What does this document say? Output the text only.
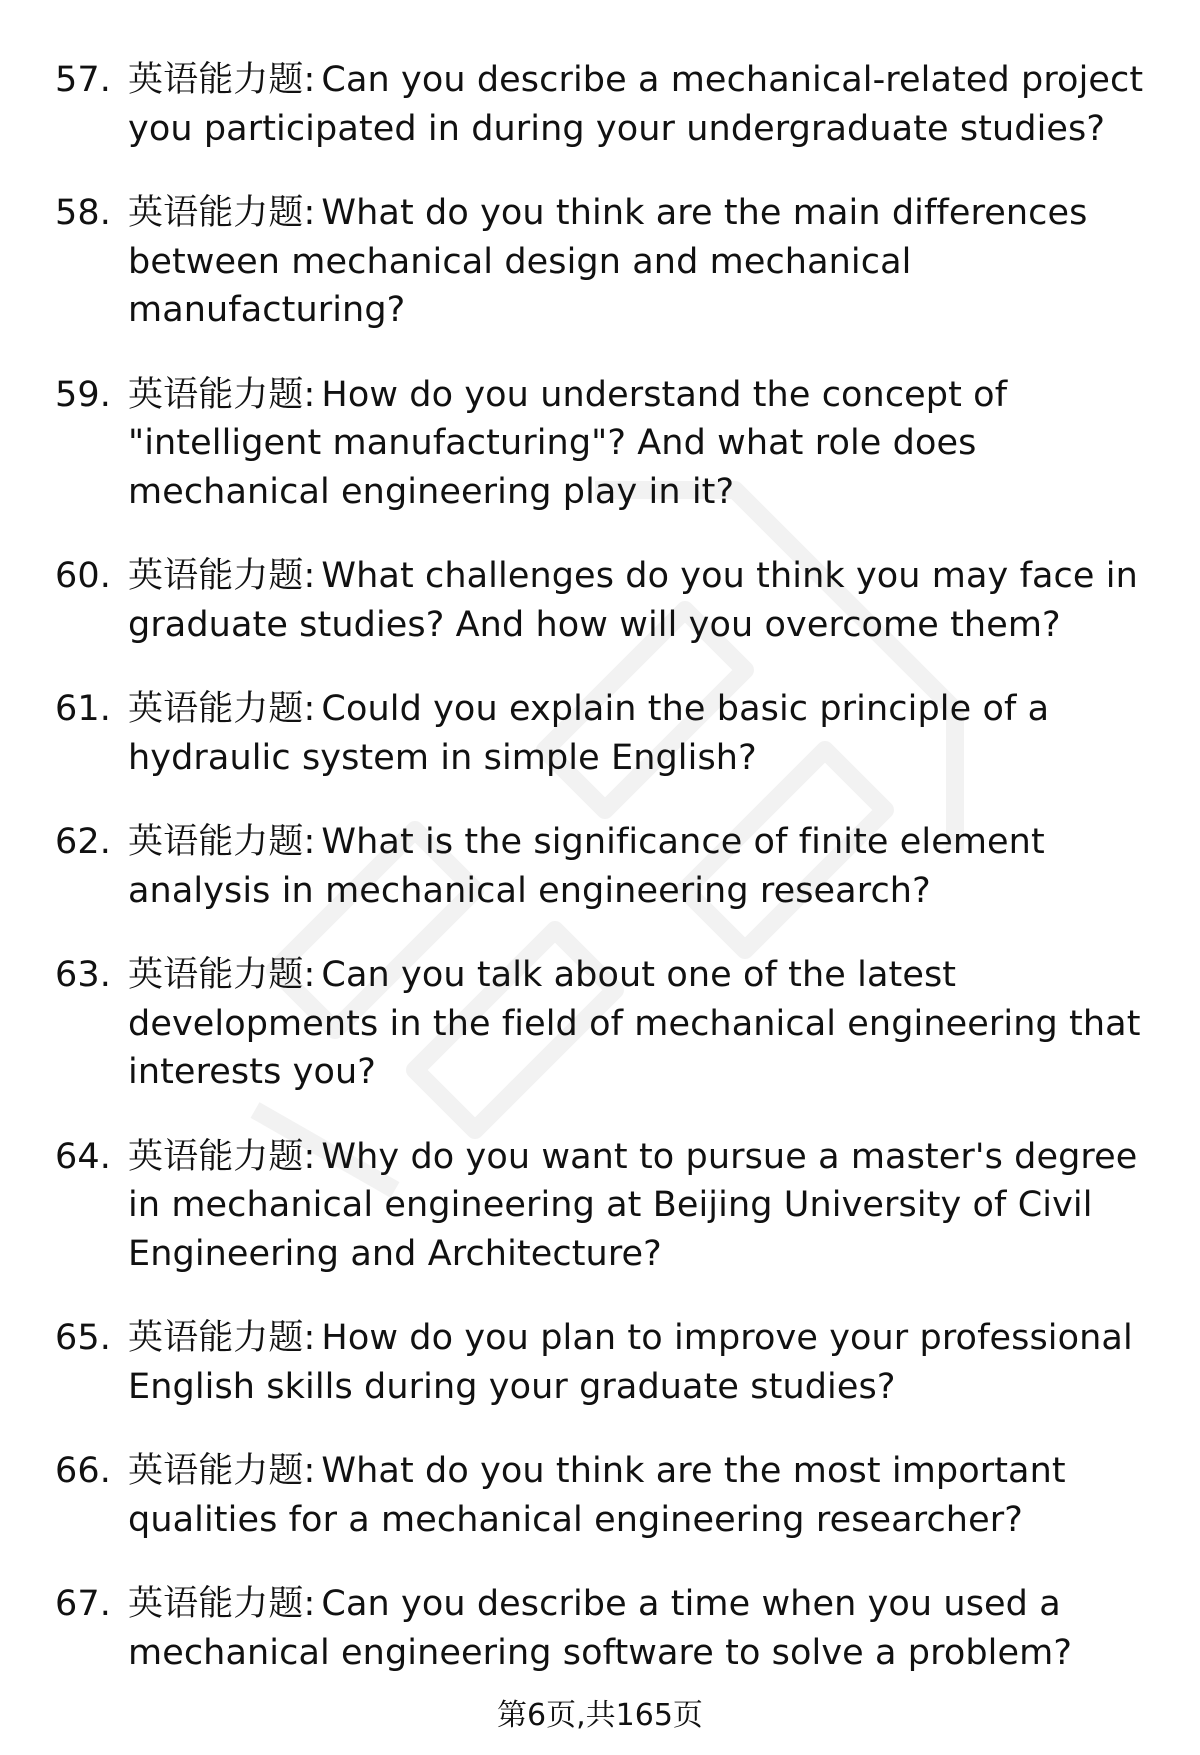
57. 英语能力题: Can you describe a mechanical-related project you participated in during your undergraduate studies?
58. 英语能力题: What do you think are the main differences between mechanical design and mechanical manufacturing?
59. 英语能力题: How do you understand the concept of "intelligent manufacturing"? And what role does mechanical engineering play in it?
60. 英语能力题: What challenges do you think you may face in graduate studies? And how will you overcome them?
61. 英语能力题: Could you explain the basic principle of a hydraulic system in simple English?
62. 英语能力题: What is the significance of finite element analysis in mechanical engineering research?
63. 英语能力题: Can you talk about one of the latest developments in the field of mechanical engineering that interests you?
64. 英语能力题: Why do you want to pursue a master's degree in mechanical engineering at Beijing University of Civil Engineering and Architecture?
65. 英语能力题: How do you plan to improve your professional English skills during your graduate studies?
66. 英语能力题: What do you think are the most important qualities for a mechanical engineering researcher?
67. 英语能力题: Can you describe a time when you used a mechanical engineering software to solve a problem?
第6页,共165页
